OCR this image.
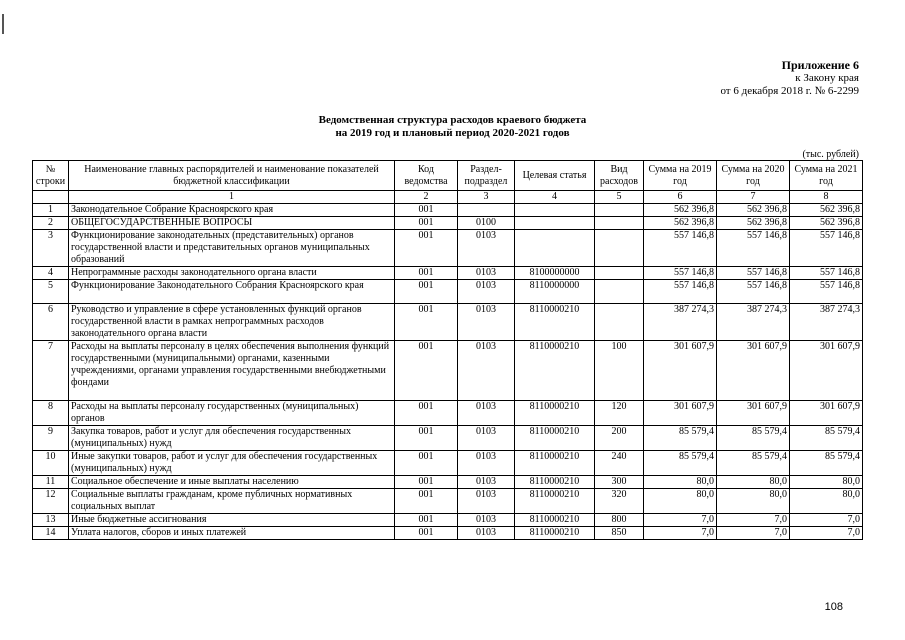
Приложение 6
к Закону края
от 6 декабря 2018 г. № 6-2299
Ведомственная структура расходов краевого бюджета
на 2019 год и плановый период 2020-2021 годов
(тыс. рублей)
№ строки	Наименование главных распорядителей и наименование показателей бюджетной классификации	Код ведомства	Раздел-подраздел	Целевая статья	Вид расходов	Сумма на 2019 год	Сумма на 2020 год	Сумма на 2021 год
	1	2	3	4	5	6	7	8
1	Законодательное Собрание Красноярского края	001				562 396,8	562 396,8	562 396,8
2	ОБЩЕГОСУДАРСТВЕННЫЕ ВОПРОСЫ	001	0100			562 396,8	562 396,8	562 396,8
3	Функционирование законодательных (представительных) органов государственной власти и представительных органов муниципальных образований	001	0103			557 146,8	557 146,8	557 146,8
4	Непрограммные расходы законодательного органа власти	001	0103	8100000000		557 146,8	557 146,8	557 146,8
5	Функционирование Законодательного Собрания Красноярского края	001	0103	8110000000		557 146,8	557 146,8	557 146,8
6	Руководство и управление в сфере установленных функций органов государственной власти в рамках непрограммных расходов законодательного органа власти	001	0103	8110000210		387 274,3	387 274,3	387 274,3
7	Расходы на выплаты персоналу в целях обеспечения выполнения функций государственными (муниципальными) органами, казенными учреждениями, органами управления государственными внебюджетными фондами	001	0103	8110000210	100	301 607,9	301 607,9	301 607,9
8	Расходы на выплаты персоналу государственных (муниципальных) органов	001	0103	8110000210	120	301 607,9	301 607,9	301 607,9
9	Закупка товаров, работ и услуг для обеспечения государственных (муниципальных) нужд	001	0103	8110000210	200	85 579,4	85 579,4	85 579,4
10	Иные закупки товаров, работ и услуг для обеспечения государственных (муниципальных) нужд	001	0103	8110000210	240	85 579,4	85 579,4	85 579,4
11	Социальное обеспечение и иные выплаты населению	001	0103	8110000210	300	80,0	80,0	80,0
12	Социальные выплаты гражданам, кроме публичных нормативных социальных выплат	001	0103	8110000210	320	80,0	80,0	80,0
13	Иные бюджетные ассигнования	001	0103	8110000210	800	7,0	7,0	7,0
14	Уплата налогов, сборов и иных платежей	001	0103	8110000210	850	7,0	7,0	7,0
108
